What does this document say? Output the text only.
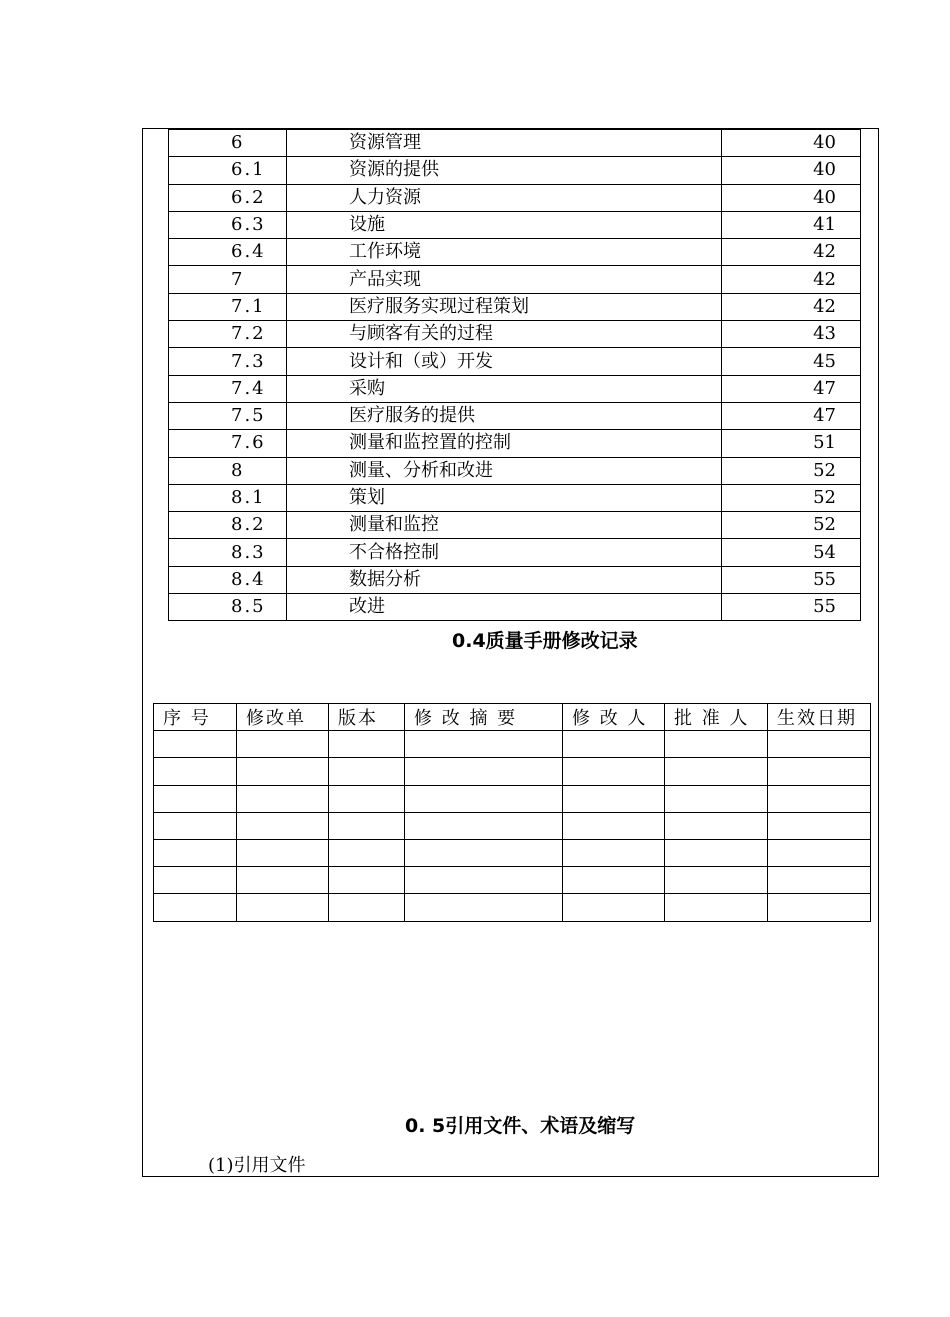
6	资源管理	40
6.1	资源的提供	40
6.2	人力资源	40
6.3	设施	41
6.4	工作环境	42
7	产品实现	42
7.1	医疗服务实现过程策划	42
7.2	与顾客有关的过程	43
7.3	设计和（或）开发	45
7.4	采购	47
7.5	医疗服务的提供	47
7.6	测量和监控置的控制	51
8	测量、分析和改进	52
8.1	策划	52
8.2	测量和监控	52
8.3	不合格控制	54
8.4	数据分析	55
8.5	改进	55
0.4质量手册修改记录
序 号	修改单	版本	修 改 摘 要	修 改 人	批 准 人	生效日期

0. 5引用文件、术语及缩写
(1)引用文件
